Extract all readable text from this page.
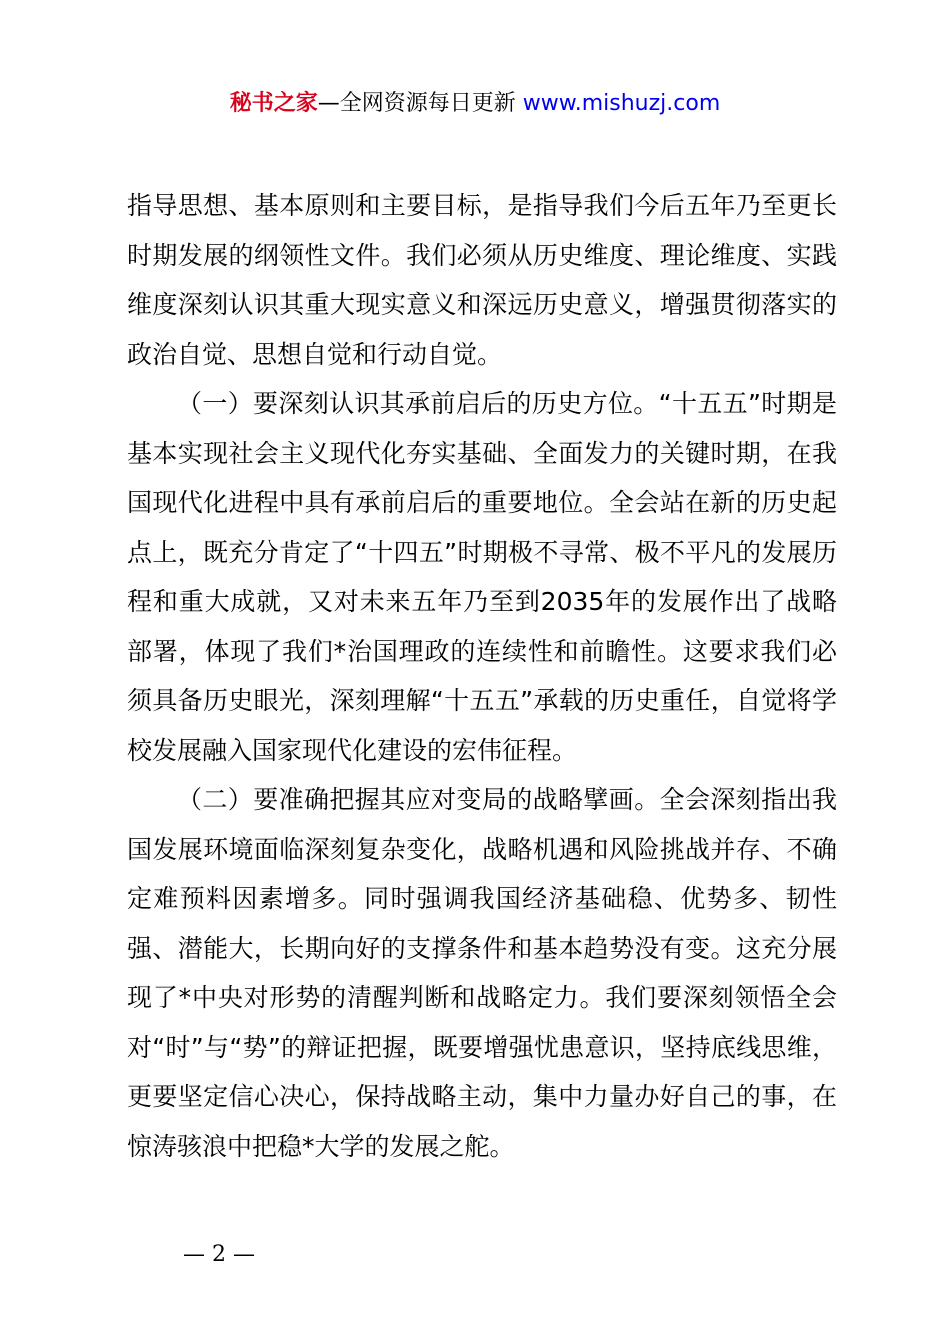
秘书之家—全网资源每日更新 www.mishuzj.com

指导思想、基本原则和主要目标，是指导我们今后五年乃至更长时期发展的纲领性文件。我们必须从历史维度、理论维度、实践维度深刻认识其重大现实意义和深远历史意义，增强贯彻落实的政治自觉、思想自觉和行动自觉。

（一）要深刻认识其承前启后的历史方位。“十五五”时期是基本实现社会主义现代化夯实基础、全面发力的关键时期，在我国现代化进程中具有承前启后的重要地位。全会站在新的历史起点上，既充分肯定了“十四五”时期极不寻常、极不平凡的发展历程和重大成就，又对未来五年乃至到2035年的发展作出了战略部署，体现了我们*治国理政的连续性和前瞻性。这要求我们必须具备历史眼光，深刻理解“十五五”承载的历史重任，自觉将学校发展融入国家现代化建设的宏伟征程。

（二）要准确把握其应对变局的战略擘画。全会深刻指出我国发展环境面临深刻复杂变化，战略机遇和风险挑战并存、不确定难预料因素增多。同时强调我国经济基础稳、优势多、韧性强、潜能大，长期向好的支撑条件和基本趋势没有变。这充分展现了*中央对形势的清醒判断和战略定力。我们要深刻领悟全会对“时”与“势”的辩证把握，既要增强忧患意识，坚持底线思维，更要坚定信心决心，保持战略主动，集中力量办好自己的事，在惊涛骇浪中把稳*大学的发展之舵。

— 2 —
